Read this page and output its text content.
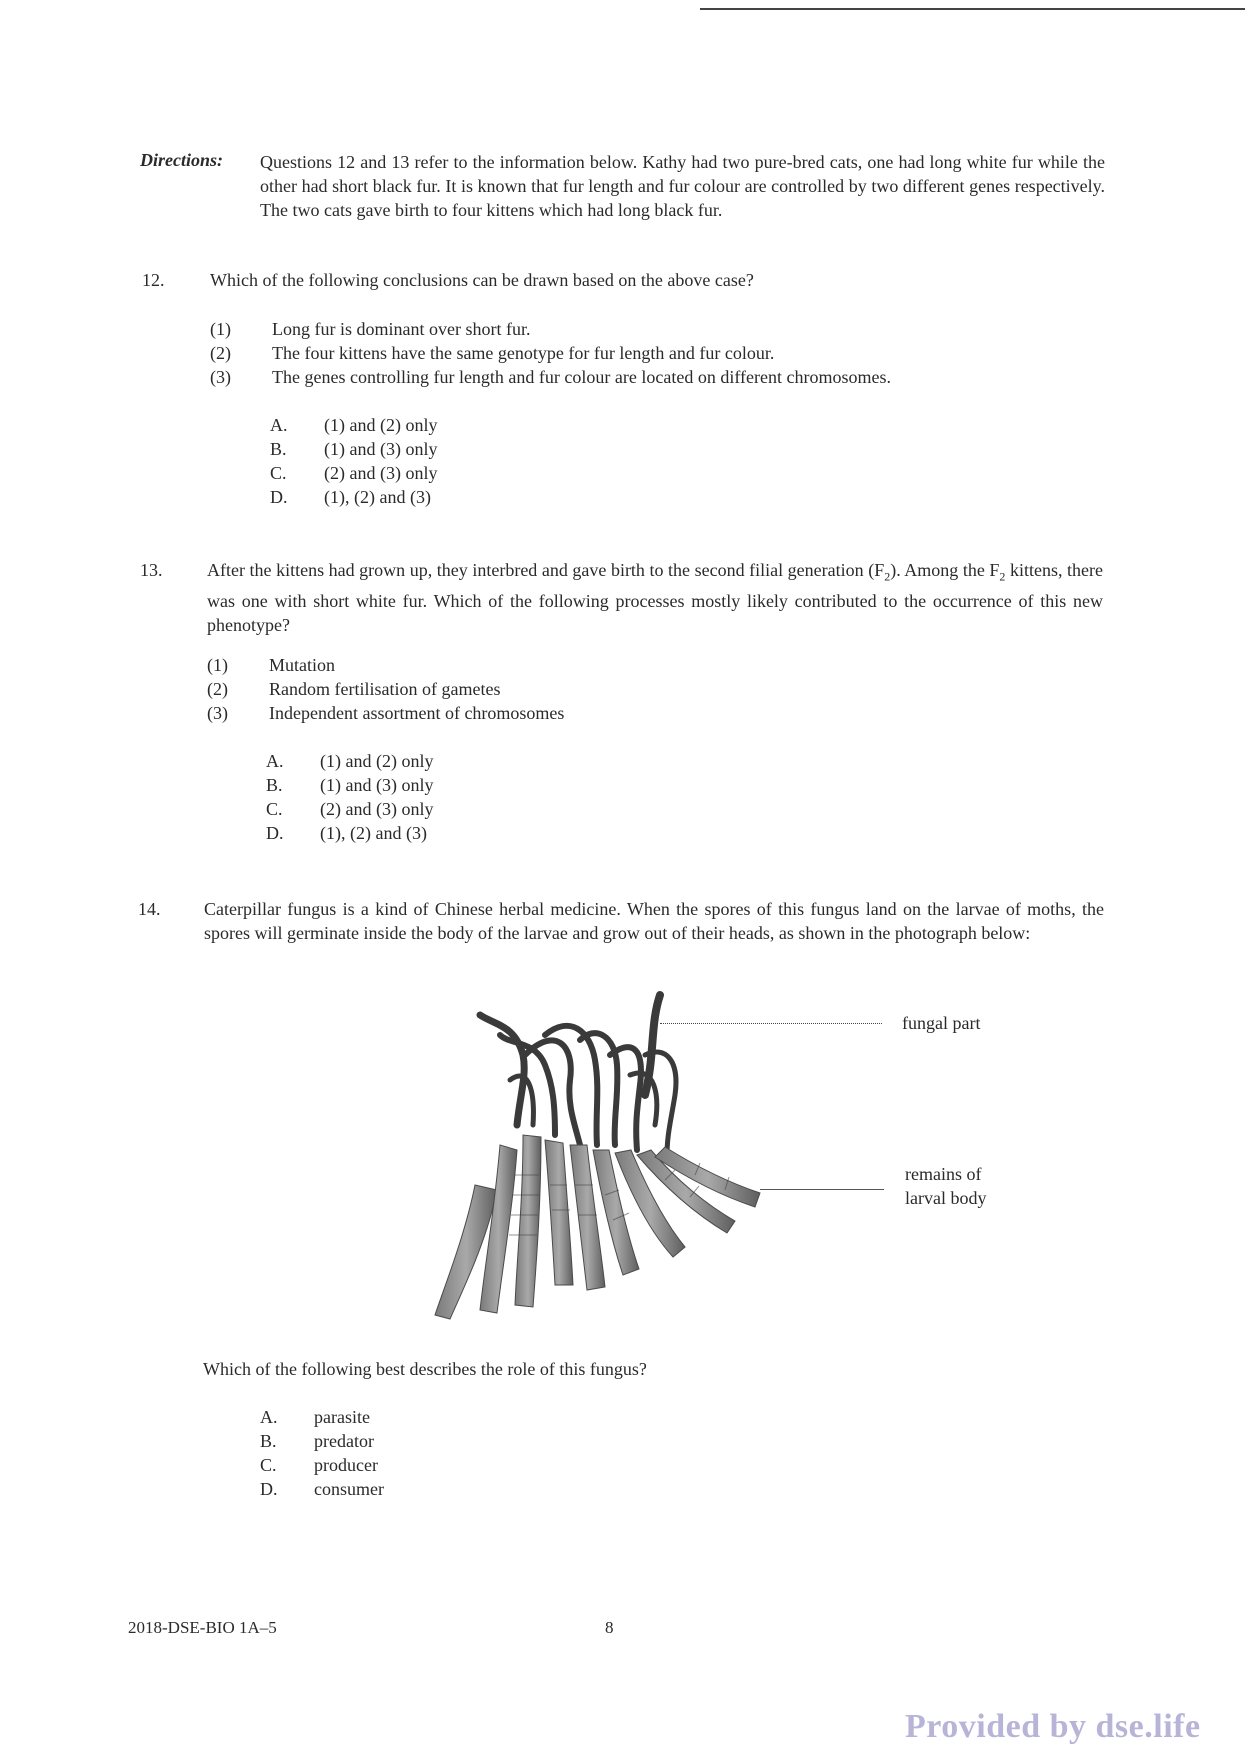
Directions: Questions 12 and 13 refer to the information below. Kathy had two pure-bred cats, one had long white fur while the other had short black fur. It is known that fur length and fur colour are controlled by two different genes respectively. The two cats gave birth to four kittens which had long black fur.
12.	Which of the following conclusions can be drawn based on the above case?
(1)	Long fur is dominant over short fur.
(2)	The four kittens have the same genotype for fur length and fur colour.
(3)	The genes controlling fur length and fur colour are located on different chromosomes.
A.	(1) and (2) only
B.	(1) and (3) only
C.	(2) and (3) only
D.	(1), (2) and (3)
13. After the kittens had grown up, they interbred and gave birth to the second filial generation $(F_2)$. Among the $F_2$ kittens, there was one with short white fur. Which of the following processes mostly likely contributed to the occurrence of this new phenotype?
(1)	Mutation
(2)	Random fertilisation of gametes
(3)	Independent assortment of chromosomes
A.	(1) and (2) only
B.	(1) and (3) only
C.	(2) and (3) only
D.	(1), (2) and (3)
14. Caterpillar fungus is a kind of Chinese herbal medicine. When the spores of this fungus land on the larvae of moths, the spores will germinate inside the body of the larvae and grow out of their heads, as shown in the photograph below:
fungal part
remains of
larval body
Which of the following best describes the role of this fungus?
A.	parasite
B.	predator
C.	producer
D.	consumer
2018-DSE-BIO 1A–5	8
Provided by dse.life
